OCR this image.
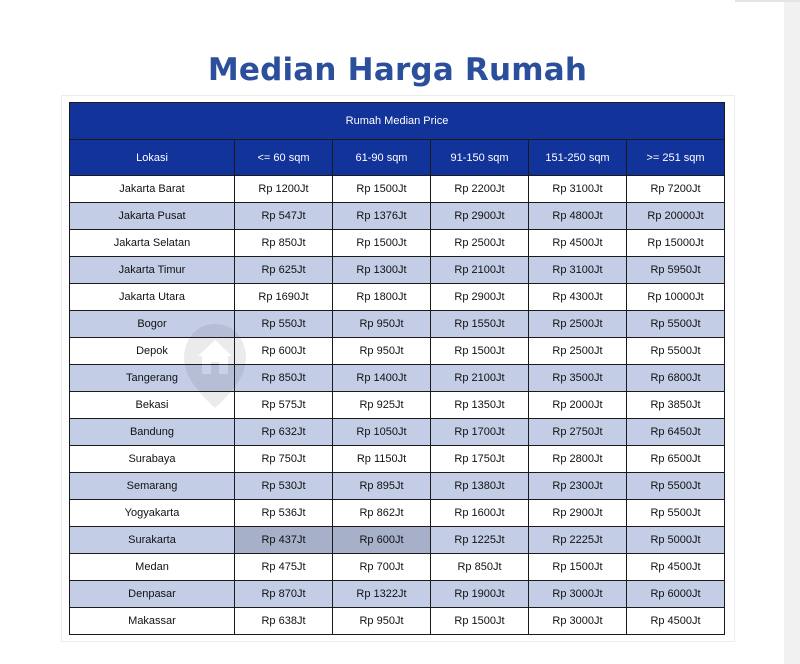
Median Harga Rumah
Rumah Median Price					
Lokasi	<= 60 sqm	61-90 sqm	91-150 sqm	151-250 sqm	>= 251 sqm
Jakarta Barat	Rp 1200Jt	Rp 1500Jt	Rp 2200Jt	Rp 3100Jt	Rp 7200Jt
Jakarta Pusat	Rp 547Jt	Rp 1376Jt	Rp 2900Jt	Rp 4800Jt	Rp 20000Jt
Jakarta Selatan	Rp 850Jt	Rp 1500Jt	Rp 2500Jt	Rp 4500Jt	Rp 15000Jt
Jakarta Timur	Rp 625Jt	Rp 1300Jt	Rp 2100Jt	Rp 3100Jt	Rp 5950Jt
Jakarta Utara	Rp 1690Jt	Rp 1800Jt	Rp 2900Jt	Rp 4300Jt	Rp 10000Jt
Bogor	Rp 550Jt	Rp 950Jt	Rp 1550Jt	Rp 2500Jt	Rp 5500Jt
Depok	Rp 600Jt	Rp 950Jt	Rp 1500Jt	Rp 2500Jt	Rp 5500Jt
Tangerang	Rp 850Jt	Rp 1400Jt	Rp 2100Jt	Rp 3500Jt	Rp 6800Jt
Bekasi	Rp 575Jt	Rp 925Jt	Rp 1350Jt	Rp 2000Jt	Rp 3850Jt
Bandung	Rp 632Jt	Rp 1050Jt	Rp 1700Jt	Rp 2750Jt	Rp 6450Jt
Surabaya	Rp 750Jt	Rp 1150Jt	Rp 1750Jt	Rp 2800Jt	Rp 6500Jt
Semarang	Rp 530Jt	Rp 895Jt	Rp 1380Jt	Rp 2300Jt	Rp 5500Jt
Yogyakarta	Rp 536Jt	Rp 862Jt	Rp 1600Jt	Rp 2900Jt	Rp 5500Jt
Surakarta	Rp 437Jt	Rp 600Jt	Rp 1225Jt	Rp 2225Jt	Rp 5000Jt
Medan	Rp 475Jt	Rp 700Jt	Rp 850Jt	Rp 1500Jt	Rp 4500Jt
Denpasar	Rp 870Jt	Rp 1322Jt	Rp 1900Jt	Rp 3000Jt	Rp 6000Jt
Makassar	Rp 638Jt	Rp 950Jt	Rp 1500Jt	Rp 3000Jt	Rp 4500Jt
